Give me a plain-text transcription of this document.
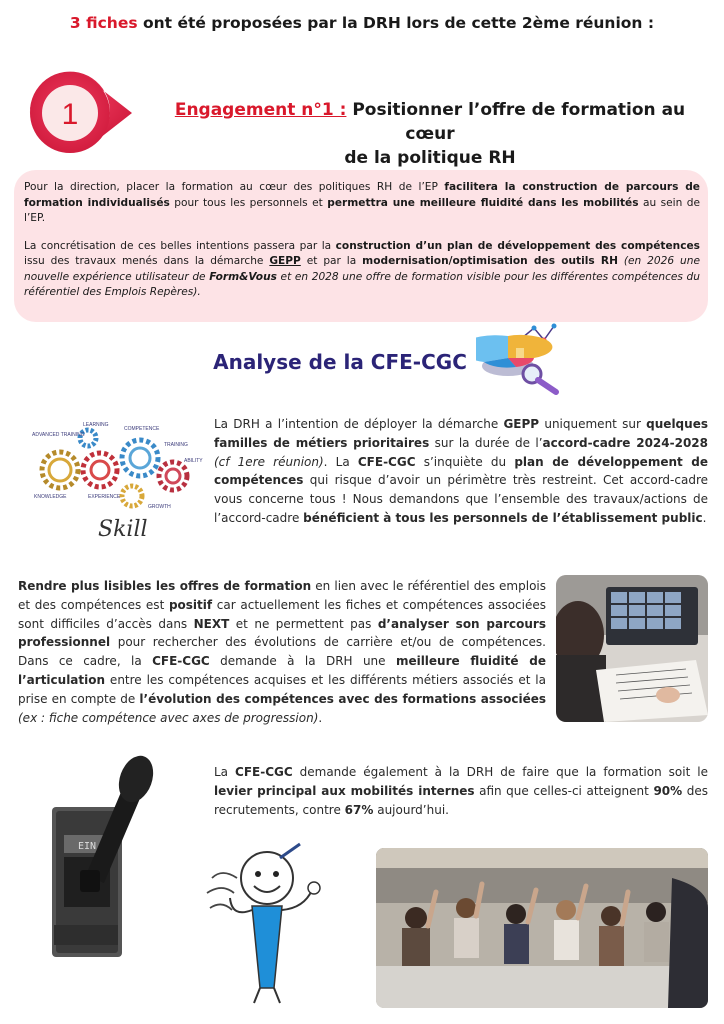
3 fiches ont été proposées par la DRH lors de cette 2ème réunion :
1	Engagement n°1 : Positionner l’offre de formation au cœur
de la politique RH

Pour la direction, placer la formation au cœur des politiques RH de l’EP facilitera la construction de parcours de formation individualisés pour tous les personnels et permettra une meilleure fluidité dans les mobilités au sein de l’EP.

La concrétisation de ces belles intentions passera par la construction d’un plan de développement des compétences issu des travaux menés dans la démarche GEPP et par la modernisation/optimisation des outils RH (en 2026 une nouvelle expérience utilisateur de Form&Vous et en 2028 une offre de formation visible pour les différentes compétences du référentiel des Emplois Repères).

Analyse de la CFE-CGC
ADVANCED TRAINING
LEARNING
COMPETENCE
TRAINING
ABILITY
KNOWLEDGE	EXPERIENCE
GROWTH
Skill
La DRH a l’intention de déployer la démarche GEPP uniquement sur quelques familles de métiers prioritaires sur la durée de l’accord-cadre 2024-2028 (cf 1ere réunion). La CFE-CGC s’inquiète du plan de développement de compétences qui risque d’avoir un périmètre très restreint. Cet accord-cadre vous concerne tous ! Nous demandons que l’ensemble des travaux/actions de l’accord-cadre bénéficient à tous les personnels de l’établissement public.
Rendre plus lisibles les offres de formation en lien avec le référentiel des emplois et des compétences est positif car actuellement les fiches et compétences associées sont difficiles d’accès dans NEXT et ne permettent pas d’analyser son parcours professionnel pour rechercher des évolutions de carrière et/ou de compétences. Dans ce cadre, la CFE-CGC demande à la DRH une meilleure fluidité de l’articulation entre les compétences acquises et les différents métiers associés et la prise en compte de l’évolution des compétences avec des formations associées (ex : fiche compétence avec axes de progression).
EIN
La CFE-CGC demande également à la DRH de faire que la formation soit le levier principal aux mobilités internes afin que celles-ci atteignent 90% des recrutements, contre 67% aujourd’hui.
